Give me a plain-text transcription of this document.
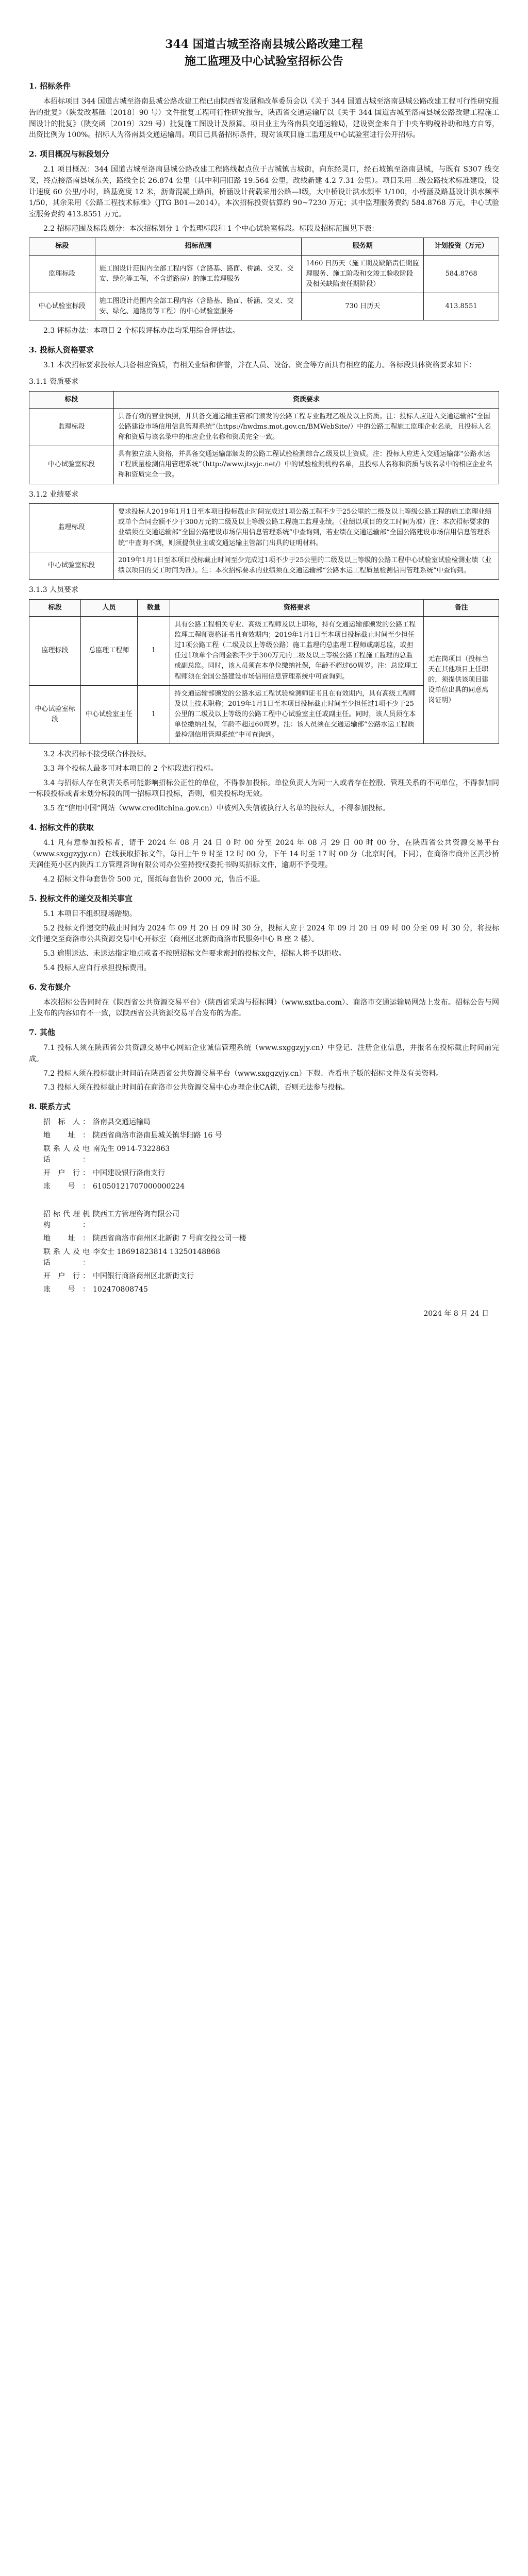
344 国道古城至洛南县城公路改建工程
施工监理及中心试验室招标公告
1. 招标条件

本招标项目 344 国道古城至洛南县城公路改建工程已由陕西省发展和改革委员会以《关于 344 国道古城至洛南县城公路改建工程可行性研究报告的批复》（陕发改基础〔2018〕90 号）文件批复工程可行性研究报告，陕西省交通运输厅以《关于 344 国道古城至洛南县城公路改建工程施工图设计的批复》（陕交函〔2019〕329 号）批复施工图设计及预算。项目业主为洛南县交通运输局，建设资金来自于中央车购税补助和地方自筹，出资比例为 100%。招标人为洛南县交通运输局。项目已具备招标条件，现对该项目施工监理及中心试验室进行公开招标。

2. 项目概况与标段划分

2.1 项目概况：344 国道古城至洛南县城公路改建工程路线起点位于古城镇古城街，向东经灵口，经石坡镇至洛南县城，与既有 S307 线交叉，终点接洛南县城东关，路线全长 26.874 公里（其中利用旧路 19.564 公里，改线新建 4.2 7.31 公里）。项目采用二级公路技术标准建设，设计速度 60 公里/小时，路基宽度 12 米，沥青混凝土路面，桥涵设计荷载采用公路—Ⅰ级，大中桥设计洪水频率 1/100，小桥涵及路基设计洪水频率 1/50，其余采用《公路工程技术标准》（JTG B01—2014）。本次招标投资估算约 90~7230 万元；其中监理服务费约 584.8768 万元，中心试验室服务费约 413.8551 万元。

2.2 招标范围及标段划分：本次招标划分 1 个监理标段和 1 个中心试验室标段。标段及招标范围见下表：

标段	招标范围	服务期	计划投资（万元）
监理标段	施工图设计范围内全部工程内容（含路基、路面、桥涵、交叉、交安、绿化等工程，不含道路房）的施工监理服务	1460 日历天（施工期及缺陷责任期监理服务、施工阶段和交竣工验收阶段及相关缺陷责任期阶段）	584.8768
中心试验室标段	施工图设计范围内全部工程内容（含路基、路面、桥涵、交叉、交安、绿化、道路房等工程）的中心试验室服务	730 日历天	413.8551

2.3 评标办法：本项目 2 个标段评标办法均采用综合评估法。

3. 投标人资格要求

3.1 本次招标要求投标人具备相应资质，有相关业绩和信誉，并在人员、设备、资金等方面具有相应的能力。各标段具体资格要求如下：

3.1.1 资质要求
标段	资质要求
监理标段	具备有效的营业执照，并具备交通运输主管部门颁发的公路工程专业监理乙级及以上资质。注：投标人应进入交通运输部“全国公路建设市场信用信息管理系统”（https://hwdms.mot.gov.cn/BMWebSite/）中的公路工程施工监理企业名录，且投标人名称和资质与该名录中的相应企业名称和资质完全一致。
中心试验室标段	具有独立法人资格，并具备交通运输部颁发的公路工程试验检测综合乙级及以上资质。注：投标人应进入交通运输部“公路水运工程质量检测信用管理系统”（http://www.jtsyjc.net/）中的试验检测机构名单，且投标人名称和资质与该名录中的相应企业名称和资质完全一致。
3.1.2 业绩要求
监理标段	要求投标人2019年1月1日至本项目投标截止时间完成过1项公路工程不少于25公里的二级及以上等级公路工程的施工监理业绩或单个合同金额不少于300万元的二级及以上等级公路工程施工监理业绩。（业绩以项目的交工时间为准）注：本次招标要求的业绩须在交通运输部“全国公路建设市场信用信息管理系统”中查询到，若业绩在交通运输部“全国公路建设市场信用信息管理系统”中查询不到，则须提供业主或交通运输主管部门出具的证明材料。
中心试验室标段	2019年1月1日至本项目投标截止时间至少完成过1项不少于25公里的二级及以上等级的公路工程中心试验室试验检测业绩（业绩以项目的交工时间为准）。注：本次招标要求的业绩须在交通运输部“公路水运工程质量检测信用管理系统”中查询到。
3.1.3 人员要求
标段	人员	数量	资格要求	备注
监理标段	总监理工程师	1	具有公路工程相关专业、高级工程师及以上职称，持有交通运输部颁发的公路工程监理工程师资格证书且有效期内；2019年1月1日至本项目投标截止时间至少担任过1项公路工程（二级及以上等级公路）施工监理的总监理工程师或副总监，或担任过1项单个合同金额不少于300万元的二级及以上等级公路工程施工监理的总监或副总监。同时，该人员须在本单位缴纳社保，年龄不超过60周岁。注：总监理工程师须在全国公路建设市场信用信息管理系统中可查询到。	无在岗项目（投标当天在其他项目上任职的，须提供该项目建设单位出具的同意离岗证明）
中心试验室标段	中心试验室主任	1	持交通运输部颁发的公路水运工程试验检测师证书且在有效期内，具有高级工程师及以上技术职称；2019年1月1日至本项目投标截止时间至少担任过1项不少于25公里的二级及以上等级的公路工程中心试验室主任或副主任。同时，该人员须在本单位缴纳社保，年龄不超过60周岁。注：该人员须在交通运输部“公路水运工程质量检测信用管理系统”中可查询到。	

3.2 本次招标不接受联合体投标。

3.3 每个投标人最多可对本项目的 2 个标段进行投标。

3.4 与招标人存在利害关系可能影响招标公正性的单位，不得参加投标。单位负责人为同一人或者存在控股、管理关系的不同单位，不得参加同一标段投标或者未划分标段的同一招标项目投标，否则，相关投标均无效。

3.5 在“信用中国”网站（www.creditchina.gov.cn）中被列入失信被执行人名单的投标人，不得参加投标。

4. 招标文件的获取

4.1 凡有意参加投标者，请于 2024 年 08 月 24 日 0 时 00 分至 2024 年 08 月 29 日 00 时 00 分，在陕西省公共资源交易平台（www.sxggzyjy.cn）在线获取招标文件，每日上午 9 时至 12 时 00 分，下午 14 时至 17 时 00 分（北京时间，下同），在商洛市商州区黄沙桥天润佳苑小区内陕西工方管理咨询有限公司办公室持授权委托书购买招标文件，逾期不予受理。

4.2 招标文件每套售价 500 元，图纸每套售价 2000 元，售后不退。

5. 投标文件的递交及相关事宜

5.1 本项目不组织现场踏勘。

5.2 投标文件递交的截止时间为 2024 年 09 月 20 日 09 时 30 分，投标人应于 2024 年 09 月 20 日 09 时 00 分至 09 时 30 分，将投标文件递交至商洛市公共资源交易中心开标室（商州区北新街商洛市民服务中心 B 座 2 楼）。

5.3 逾期送达、未送达指定地点或者不按照招标文件要求密封的投标文件，招标人将予以拒收。

5.4 投标人应自行承担投标费用。

6. 发布媒介

本次招标公告同时在《陕西省公共资源交易平台》（陕西省采购与招标网）（www.sxtba.com）、商洛市交通运输局网站上发布。招标公告与网上发布的内容如有不一致，以陕西省公共资源交易平台发布的为准。

7. 其他

7.1 投标人须在陕西省公共资源交易中心网站企业诚信管理系统（www.sxggzyjy.cn）中登记、注册企业信息，并报名在投标截止时间前完成。

7.2 投标人须在投标截止时间前在陕西省公共资源交易平台（www.sxggzyjy.cn）下载、查看电子版的招标文件及有关资料。

7.3 投标人须在投标截止时间前在商洛市公共资源交易中心办理企业CA锁，否则无法参与投标。

8. 联系方式
招 标 人： 洛南县交通运输局
地 址： 陕西省商洛市洛南县城关镇华阳路 16 号
联系人及电话：
南先生 0914-7322863
开 户 行： 中国建设银行洛南支行
账 号： 61050121707000000224
招标代理机构：
陕西工方管理咨询有限公司
地 址： 陕西省商洛市商州区北新街 7 号商交投公司一楼
联系人及电话：
李女士 18691823814 13250148868
开 户 行： 中国银行商洛商州区北新街支行
账 号： 102470808745
2024 年 8 月 24 日
